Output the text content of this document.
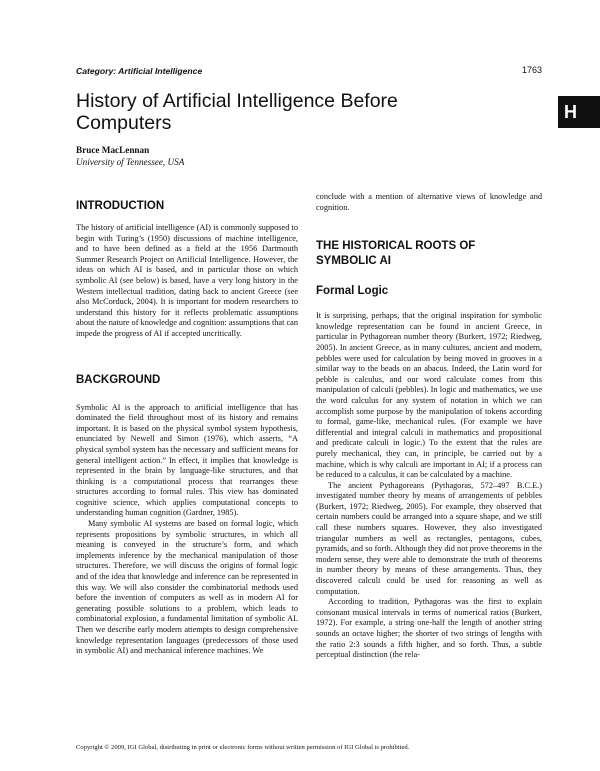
Category: Artificial Intelligence	1763
H
History of Artificial Intelligence Before Computers
Bruce MacLennan
University of Tennessee, USA
INTRODUCTION

The history of artificial intelligence (AI) is commonly supposed to begin with Turing’s (1950) discussions of machine intelligence, and to have been defined as a field at the 1956 Dartmouth Summer Research Project on Artificial Intelligence. However, the ideas on which AI is based, and in particular those on which symbolic AI (see below) is based, have a very long history in the Western intellectual tradition, dating back to ancient Greece (see also McCorduck, 2004). It is important for modern researchers to understand this history for it reflects problematic assumptions about the nature of knowledge and cognition: assumptions that can impede the progress of AI if accepted uncritically.

BACKGROUND

Symbolic AI is the approach to artificial intelligence that has dominated the field throughout most of its history and remains important. It is based on the physical symbol system hypothesis, enunciated by Newell and Simon (1976), which asserts, “A physical symbol system has the necessary and sufficient means for general intelligent action.” In effect, it implies that knowledge is represented in the brain by language-like structures, and that thinking is a computational process that rearranges these structures according to formal rules. This view has dominated cognitive science, which applies computational concepts to understanding human cognition (Gardner, 1985).

Many symbolic AI systems are based on formal logic, which represents propositions by symbolic structures, in which all meaning is conveyed in the structure’s form, and which implements inference by the mechanical manipulation of those structures. Therefore, we will discuss the origins of formal logic and of the idea that knowledge and inference can be represented in this way. We will also consider the combinatorial methods used before the invention of computers as well as in modern AI for generating possible solutions to a problem, which leads to combinatorial explosion, a fundamental limitation of symbolic AI. Then we describe early modern attempts to design comprehensive knowledge representation languages (predecessors of those used in symbolic AI) and mechanical inference machines. We

conclude with a mention of alternative views of knowledge and cognition.

THE HISTORICAL ROOTS OF SYMBOLIC AI
Formal Logic

It is surprising, perhaps, that the original inspiration for symbolic knowledge representation can be found in ancient Greece, in particular in Pythagorean number theory (Burkert, 1972; Riedweg, 2005). In ancient Greece, as in many cultures, ancient and modern, pebbles were used for calculation by being moved in grooves in a similar way to the beads on an abacus. Indeed, the Latin word for pebble is calculus, and our word calculate comes from this manipulation of calculi (pebbles). In logic and mathematics, we use the word calculus for any system of notation in which we can accomplish some purpose by the manipulation of tokens according to formal, game-like, mechanical rules. (For example we have differential and integral calculi in mathematics and propositional and predicate calculi in logic.) To the extent that the rules are purely mechanical, they can, in principle, be carried out by a machine, which is why calculi are important in AI; if a process can be reduced to a calculus, it can be calculated by a machine.

The ancient Pythagoreans (Pythagoras, 572–497 B.C.E.) investigated number theory by means of arrangements of pebbles (Burkert, 1972; Riedweg, 2005). For example, they observed that certain numbers could be arranged into a square shape, and we still call these numbers squares. However, they also investigated triangular numbers as well as rectangles, pentagons, cubes, pyramids, and so forth. Although they did not prove theorems in the modern sense, they were able to demonstrate the truth of theorems in number theory by means of these arrangements. Thus, they discovered calculi could be used for reasoning as well as computation.

According to tradition, Pythagoras was the first to explain consonant musical intervals in terms of numerical ratios (Burkert, 1972). For example, a string one-half the length of another string sounds an octave higher; the shorter of two strings of lengths with the ratio 2:3 sounds a fifth higher, and so forth. Thus, a subtle perceptual distinction (the rela-

Copyright © 2009, IGI Global, distributing in print or electronic forms without written permission of IGI Global is prohibited.
